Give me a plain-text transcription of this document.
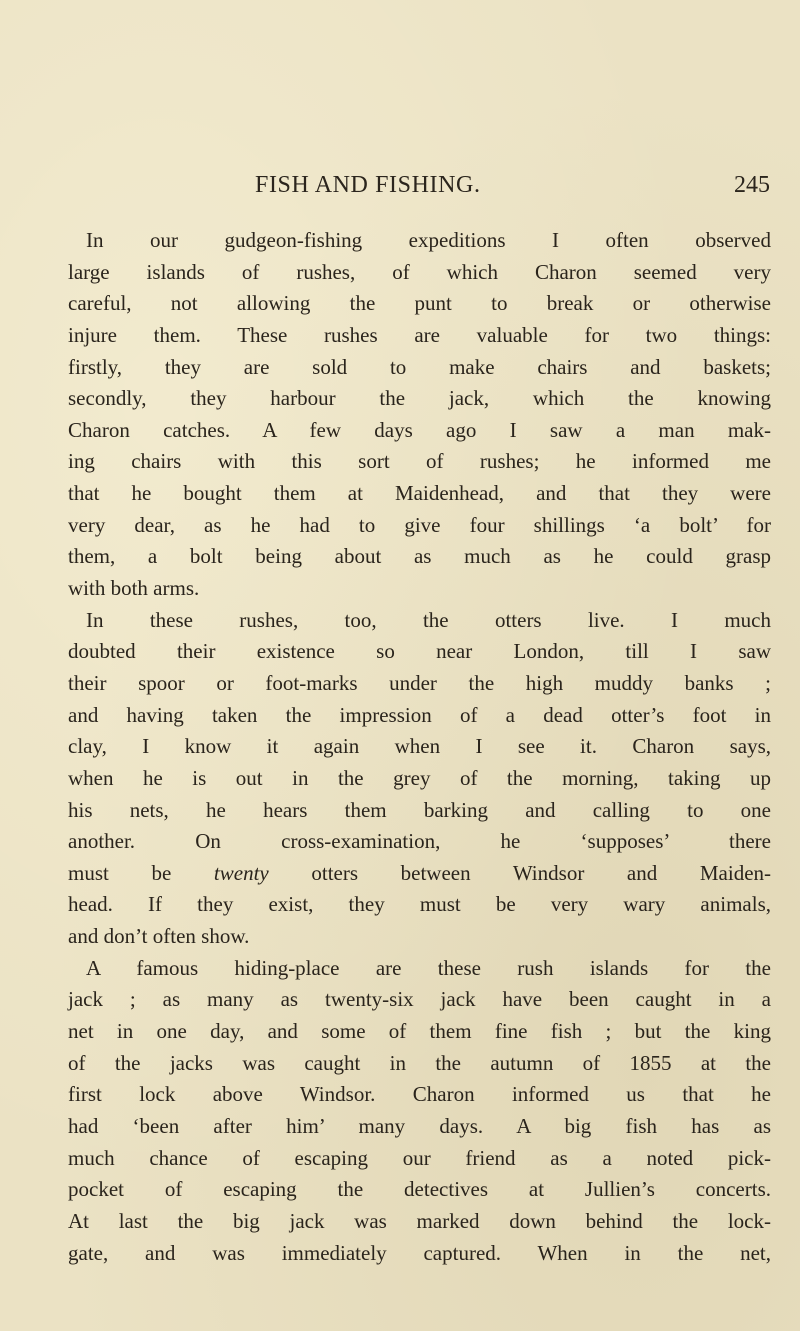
FISH AND FISHING.	245
In our gudgeon-fishing expeditions I often observed
large islands of rushes, of which Charon seemed very
careful, not allowing the punt to break or otherwise
injure them. These rushes are valuable for two things:
firstly, they are sold to make chairs and baskets;
secondly, they harbour the jack, which the knowing
Charon catches. A few days ago I saw a man mak-
ing chairs with this sort of rushes; he informed me
that he bought them at Maidenhead, and that they were
very dear, as he had to give four shillings ‘a bolt’ for
them, a bolt being about as much as he could grasp
with both arms.
In these rushes, too, the otters live. I much
doubted their existence so near London, till I saw
their spoor or foot-marks under the high muddy banks ;
and having taken the impression of a dead otter’s foot in
clay, I know it again when I see it. Charon says,
when he is out in the grey of the morning, taking up
his nets, he hears them barking and calling to one
another. On cross-examination, he ‘supposes’ there
must be twenty otters between Windsor and Maiden-
head. If they exist, they must be very wary animals,
and don’t often show.
A famous hiding-place are these rush islands for the
jack ; as many as twenty-six jack have been caught in a
net in one day, and some of them fine fish ; but the king
of the jacks was caught in the autumn of 1855 at the
first lock above Windsor. Charon informed us that he
had ‘been after him’ many days. A big fish has as
much chance of escaping our friend as a noted pick-
pocket of escaping the detectives at Jullien’s concerts.
At last the big jack was marked down behind the lock-
gate, and was immediately captured. When in the net,
